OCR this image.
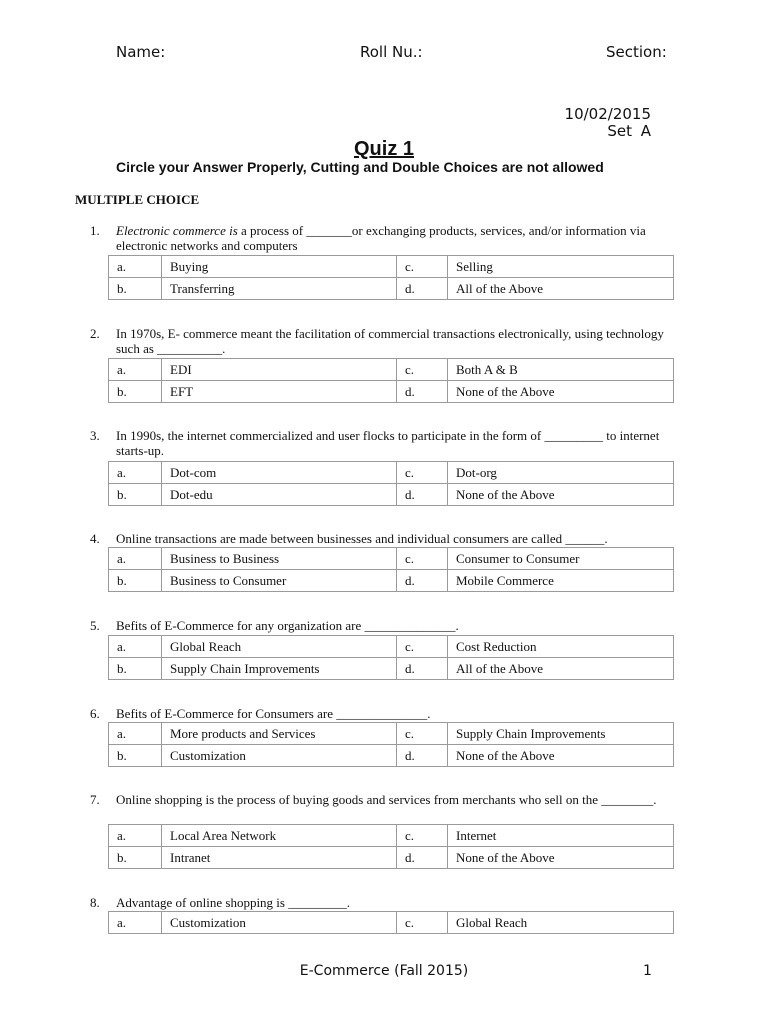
Name:	Roll Nu.:	Section:
10/02/2015
Set A
Quiz 1
Circle your Answer Properly, Cutting and Double Choices are not allowed
MULTIPLE CHOICE
1.	Electronic commerce is a process of _______or exchanging products, services, and/or information via electronic networks and computers
a.	Buying	c.	Selling
b.	Transferring	d.	All of the Above
2.	In 1970s, E- commerce meant the facilitation of commercial transactions electronically, using technology such as __________.
a.	EDI	c.	Both A & B
b.	EFT	d.	None of the Above
3.	In 1990s, the internet commercialized and user flocks to participate in the form of _________ to internet starts-up.
a.	Dot-com	c.	Dot-org
b.	Dot-edu	d.	None of the Above
4.	Online transactions are made between businesses and individual consumers are called ______.
a.	Business to Business	c.	Consumer to Consumer
b.	Business to Consumer	d.	Mobile Commerce
5.	Befits of E-Commerce for any organization are ______________.
a.	Global Reach	c.	Cost Reduction
b.	Supply Chain Improvements	d.	All of the Above
6.	Befits of E-Commerce for Consumers are ______________.
a.	More products and Services	c.	Supply Chain Improvements
b.	Customization	d.	None of the Above
7.	Online shopping is the process of buying goods and services from merchants who sell on the ________.
a.	Local Area Network	c.	Internet
b.	Intranet	d.	None of the Above
8.	Advantage of online shopping is _________.
a.	Customization	c.	Global Reach
E-Commerce (Fall 2015)	1
